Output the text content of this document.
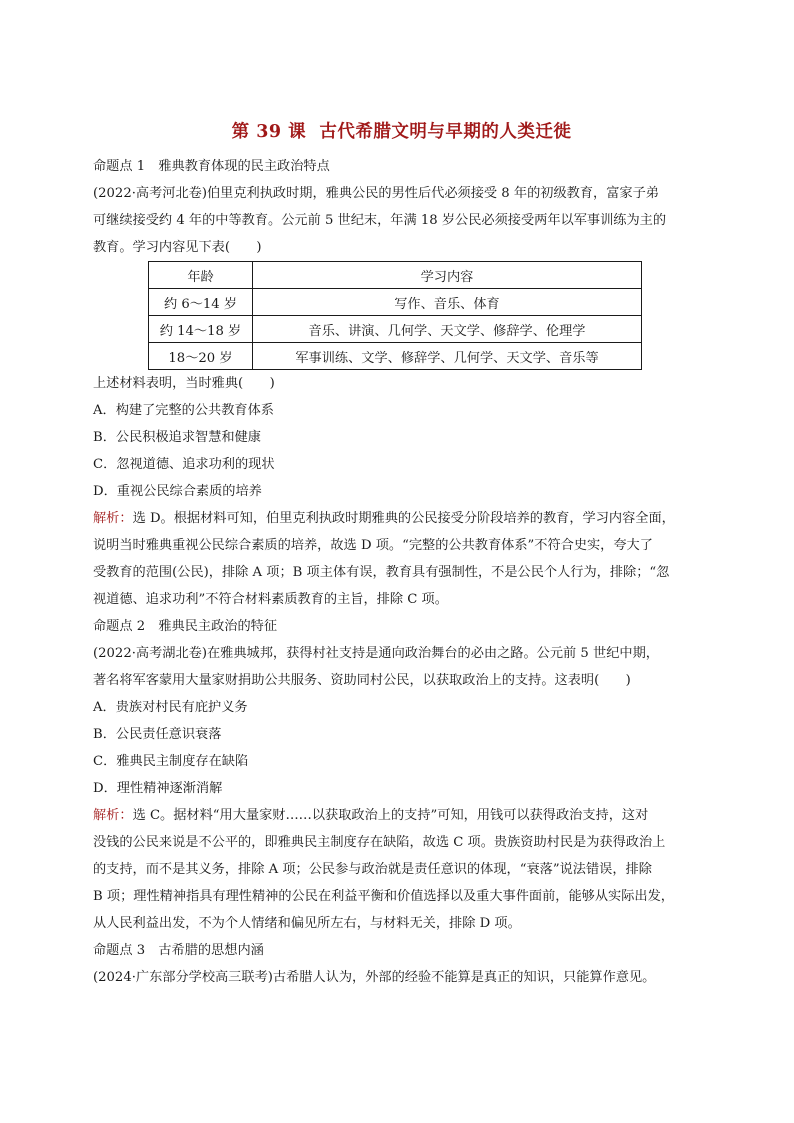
第 39 课 古代希腊文明与早期的人类迁徙

命题点 1　雅典教育体现的民主政治特点

(2022·高考河北卷)伯里克利执政时期，雅典公民的男性后代必须接受 8 年的初级教育，富家子弟

可继续接受约 4 年的中等教育。公元前 5 世纪末，年满 18 岁公民必须接受两年以军事训练为主的

教育。学习内容见下表(　　)

年龄	学习内容
约 6～14 岁	写作、音乐、体育
约 14～18 岁	音乐、讲演、几何学、天文学、修辞学、伦理学
18～20 岁	军事训练、文学、修辞学、几何学、天文学、音乐等

上述材料表明，当时雅典(　　)

A．构建了完整的公共教育体系

B．公民积极追求智慧和健康

C．忽视道德、追求功利的现状

D．重视公民综合素质的培养

解析：选 D。根据材料可知，伯里克利执政时期雅典的公民接受分阶段培养的教育，学习内容全面，

说明当时雅典重视公民综合素质的培养，故选 D 项。“完整的公共教育体系”不符合史实，夸大了

受教育的范围(公民)，排除 A 项；B 项主体有误，教育具有强制性，不是公民个人行为，排除；“忽

视道德、追求功利”不符合材料素质教育的主旨，排除 C 项。

命题点 2　雅典民主政治的特征

(2022·高考湖北卷)在雅典城邦，获得村社支持是通向政治舞台的必由之路。公元前 5 世纪中期，

著名将军客蒙用大量家财捐助公共服务、资助同村公民，以获取政治上的支持。这表明(　　)

A．贵族对村民有庇护义务

B．公民责任意识衰落

C．雅典民主制度存在缺陷

D．理性精神逐渐消解

解析：选 C。据材料“用大量家财……以获取政治上的支持”可知，用钱可以获得政治支持，这对

没钱的公民来说是不公平的，即雅典民主制度存在缺陷，故选 C 项。贵族资助村民是为获得政治上

的支持，而不是其义务，排除 A 项；公民参与政治就是责任意识的体现，“衰落”说法错误，排除

B 项；理性精神指具有理性精神的公民在利益平衡和价值选择以及重大事件面前，能够从实际出发，

从人民利益出发，不为个人情绪和偏见所左右，与材料无关，排除 D 项。

命题点 3　古希腊的思想内涵

(2024·广东部分学校高三联考)古希腊人认为，外部的经验不能算是真正的知识，只能算作意见。
